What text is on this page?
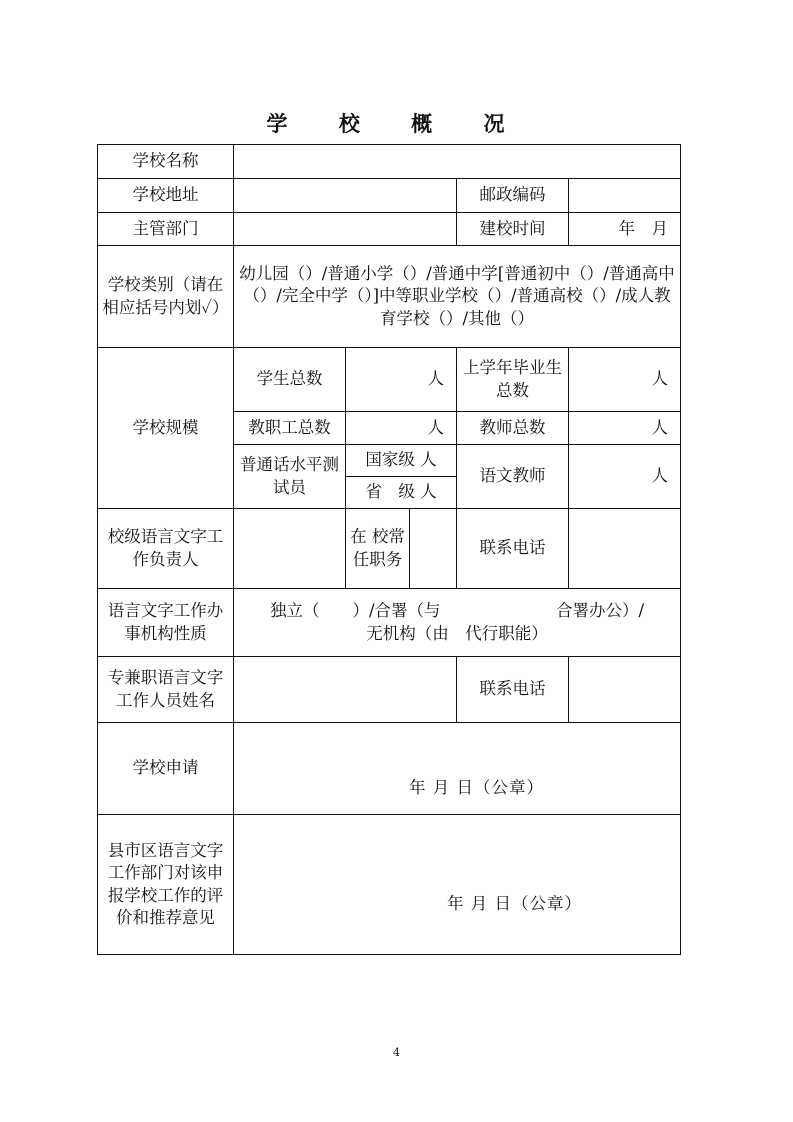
学 校 概 况
学校名称					
学校地址				邮政编码	
主管部门				建校时间	年　月
学校类别（请在相应括号内划✓）	幼儿园（）/普通小学（）/普通中学[普通初中（）/普通高中（）/完全中学（）]中等职业学校（）/普通高校（）/成人教育学校（）/其他（）				
学校规模	学生总数	人		上学年毕业生总数	人
	教职工总数	人		教师总数	人
	普通话水平测试员	国家级 人		语文教师	人
		省　级 人			
校级语言文字工作负责人		在 校常 任职务		联系电话	
语言文字工作办事机构性质	独立（　　）/合署（与　　　　　　　合署办公）/
无机构（由　代行职能）				

专兼职语言文字工作人员姓名				联系电话	
学校申请	年 月 日（公章）				

县市区语言文字工作部门对该申报学校工作的评价和推荐意见	年 月 日（公章）				
4
